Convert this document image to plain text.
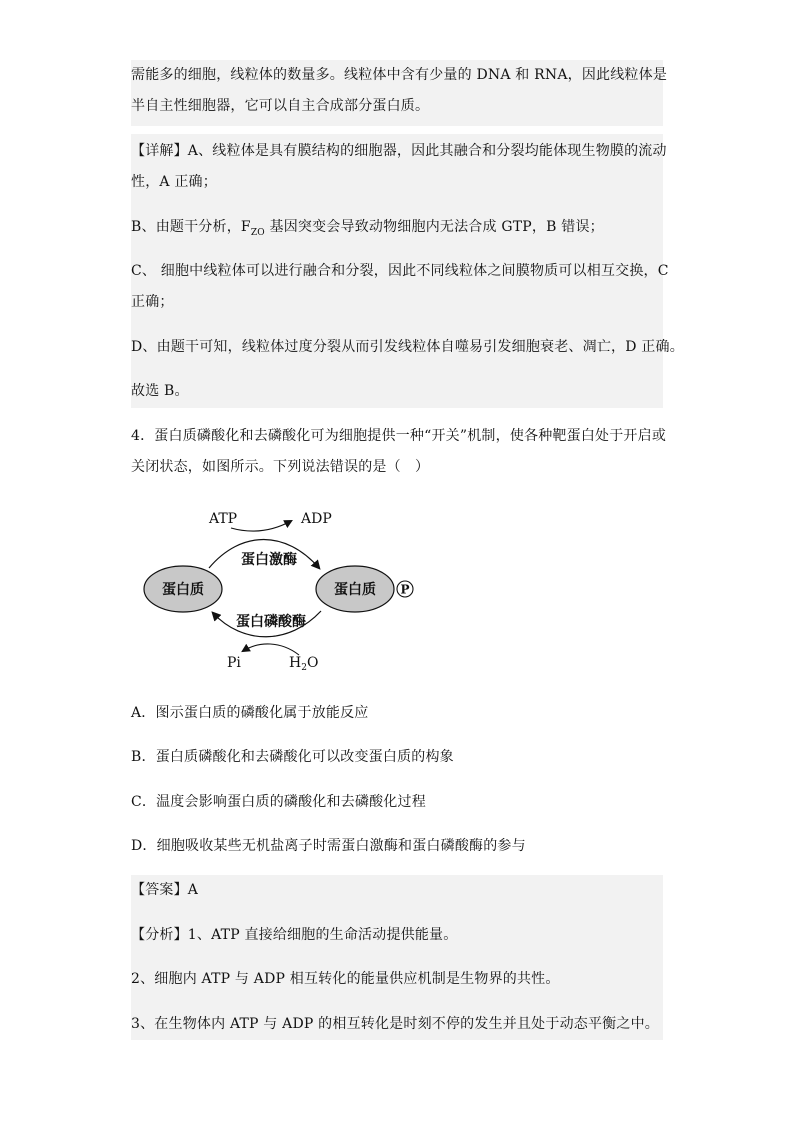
需能多的细胞，线粒体的数量多。线粒体中含有少量的 DNA 和 RNA，因此线粒体是
半自主性细胞器，它可以自主合成部分蛋白质。
【详解】A、线粒体是具有膜结构的细胞器，因此其融合和分裂均能体现生物膜的流动
性，A 正确；
B、由题干分析，$F_{ZO}$ 基因突变会导致动物细胞内无法合成 GTP，B 错误；
C、 细胞中线粒体可以进行融合和分裂，因此不同线粒体之间膜物质可以相互交换，C
正确；
D、由题干可知，线粒体过度分裂从而引发线粒体自噬易引发细胞衰老、凋亡，D 正确。
故选 B。
4．蛋白质磷酸化和去磷酸化可为细胞提供一种“开关”机制，使各种靶蛋白处于开启或
关闭状态，如图所示。下列说法错误的是（　）
ATP	ADP
蛋白激酶
蛋白质	蛋白质 P
蛋白磷酸酶
Pi	$H_2O$
A．图示蛋白质的磷酸化属于放能反应
B．蛋白质磷酸化和去磷酸化可以改变蛋白质的构象
C．温度会影响蛋白质的磷酸化和去磷酸化过程
D．细胞吸收某些无机盐离子时需蛋白激酶和蛋白磷酸酶的参与
【答案】A
【分析】1、ATP 直接给细胞的生命活动提供能量。
2、细胞内 ATP 与 ADP 相互转化的能量供应机制是生物界的共性。
3、在生物体内 ATP 与 ADP 的相互转化是时刻不停的发生并且处于动态平衡之中。
